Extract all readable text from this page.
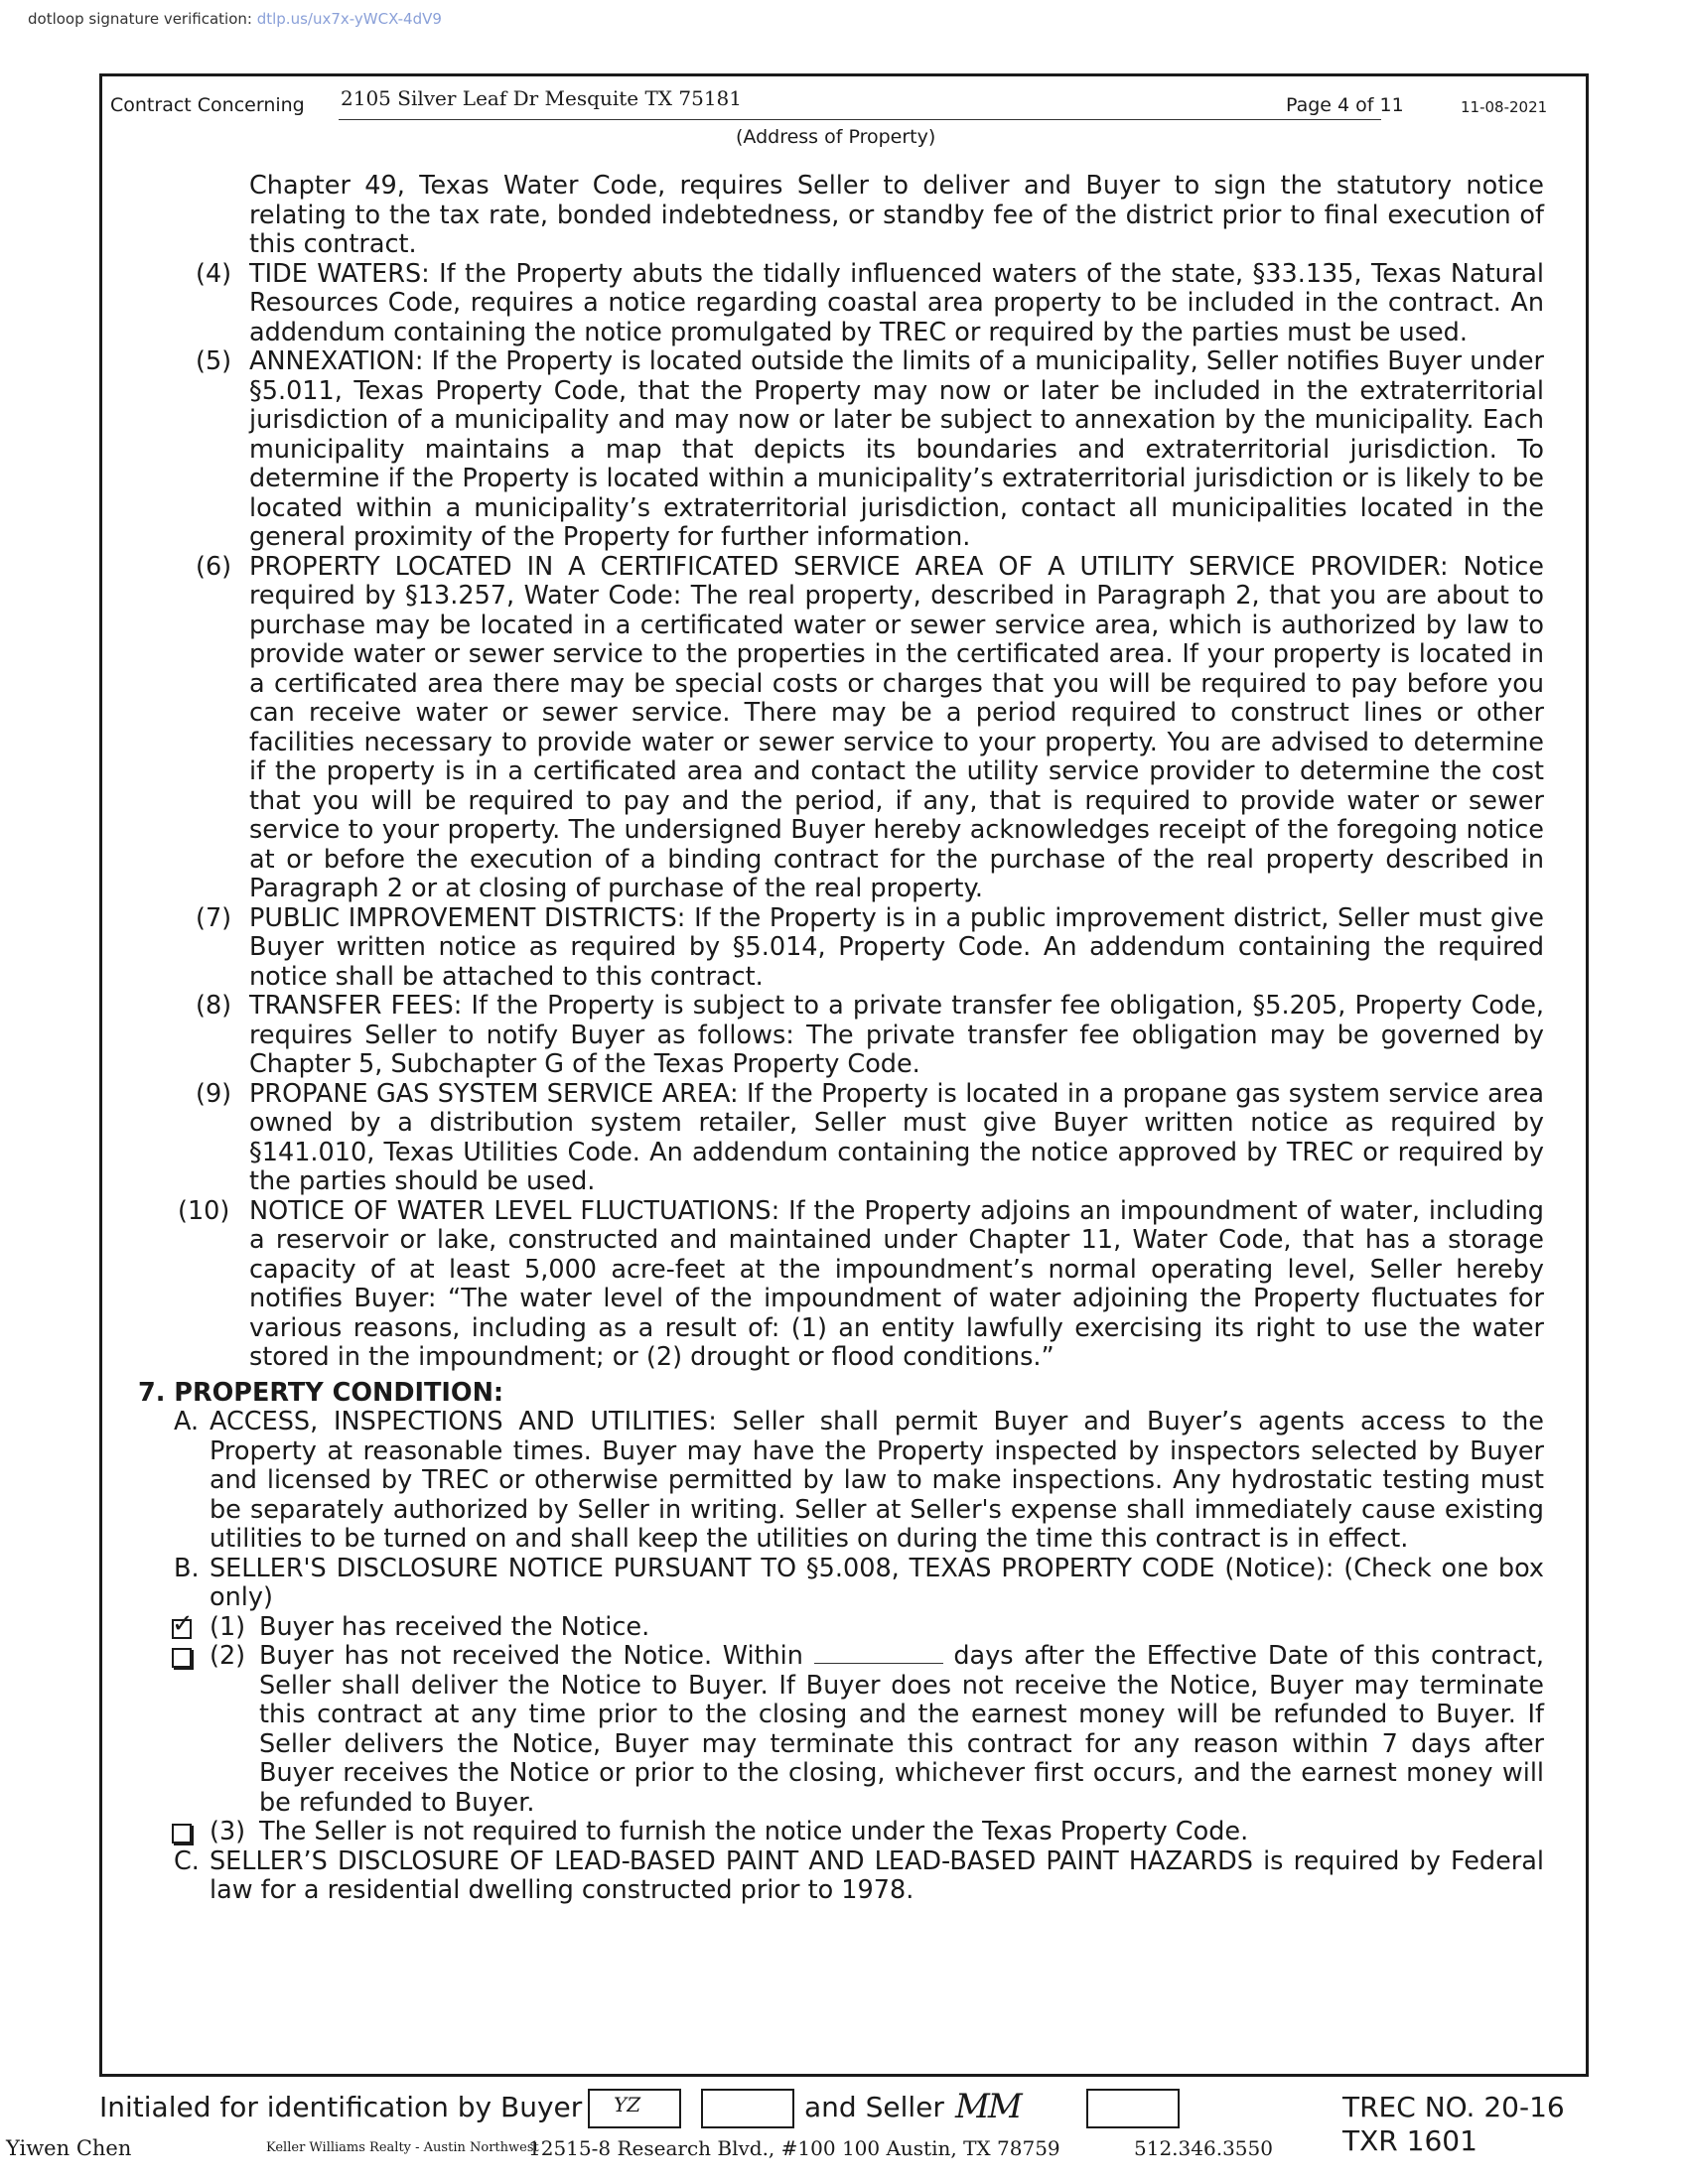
dotloop signature verification: dtlp.us/ux7x-yWCX-4dV9
Contract Concerning 2105 Silver Leaf Dr Mesquite TX 75181	Page 4 of 11	11-08-2021
(Address of Property)
Chapter 49, Texas Water Code, requires Seller to deliver and Buyer to sign the statutory notice relating to the tax rate, bonded indebtedness, or standby fee of the district prior to final execution of this contract.
(4) TIDE WATERS: If the Property abuts the tidally influenced waters of the state, §33.135, Texas Natural Resources Code, requires a notice regarding coastal area property to be included in the contract. An addendum containing the notice promulgated by TREC or required by the parties must be used.
(5) ANNEXATION: If the Property is located outside the limits of a municipality, Seller notifies Buyer under §5.011, Texas Property Code, that the Property may now or later be included in the extraterritorial jurisdiction of a municipality and may now or later be subject to annexation by the municipality. Each municipality maintains a map that depicts its boundaries and extraterritorial jurisdiction. To determine if the Property is located within a municipality’s extraterritorial jurisdiction or is likely to be located within a municipality’s extraterritorial jurisdiction, contact all municipalities located in the general proximity of the Property for further information.
(6) PROPERTY LOCATED IN A CERTIFICATED SERVICE AREA OF A UTILITY SERVICE PROVIDER: Notice required by §13.257, Water Code: The real property, described in Paragraph 2, that you are about to purchase may be located in a certificated water or sewer service area, which is authorized by law to provide water or sewer service to the properties in the certificated area. If your property is located in a certificated area there may be special costs or charges that you will be required to pay before you can receive water or sewer service. There may be a period required to construct lines or other facilities necessary to provide water or sewer service to your property. You are advised to determine if the property is in a certificated area and contact the utility service provider to determine the cost that you will be required to pay and the period, if any, that is required to provide water or sewer service to your property. The undersigned Buyer hereby acknowledges receipt of the foregoing notice at or before the execution of a binding contract for the purchase of the real property described in Paragraph 2 or at closing of purchase of the real property.
(7) PUBLIC IMPROVEMENT DISTRICTS: If the Property is in a public improvement district, Seller must give Buyer written notice as required by §5.014, Property Code. An addendum containing the required notice shall be attached to this contract.
(8) TRANSFER FEES: If the Property is subject to a private transfer fee obligation, §5.205, Property Code, requires Seller to notify Buyer as follows: The private transfer fee obligation may be governed by Chapter 5, Subchapter G of the Texas Property Code.
(9) PROPANE GAS SYSTEM SERVICE AREA: If the Property is located in a propane gas system service area owned by a distribution system retailer, Seller must give Buyer written notice as required by §141.010, Texas Utilities Code. An addendum containing the notice approved by TREC or required by the parties should be used.
(10) NOTICE OF WATER LEVEL FLUCTUATIONS: If the Property adjoins an impoundment of water, including a reservoir or lake, constructed and maintained under Chapter 11, Water Code, that has a storage capacity of at least 5,000 acre-feet at the impoundment’s normal operating level, Seller hereby notifies Buyer: “The water level of the impoundment of water adjoining the Property fluctuates for various reasons, including as a result of: (1) an entity lawfully exercising its right to use the water stored in the impoundment; or (2) drought or flood conditions.”
7. PROPERTY CONDITION:
A. ACCESS, INSPECTIONS AND UTILITIES: Seller shall permit Buyer and Buyer’s agents access to the Property at reasonable times. Buyer may have the Property inspected by inspectors selected by Buyer and licensed by TREC or otherwise permitted by law to make inspections. Any hydrostatic testing must be separately authorized by Seller in writing. Seller at Seller's expense shall immediately cause existing utilities to be turned on and shall keep the utilities on during the time this contract is in effect.
B. SELLER'S DISCLOSURE NOTICE PURSUANT TO §5.008, TEXAS PROPERTY CODE (Notice): (Check one box only)
✓ (1) Buyer has received the Notice.
(2) Buyer has not received the Notice. Within	days after the Effective Date of this contract, Seller shall deliver the Notice to Buyer. If Buyer does not receive the Notice, Buyer may terminate this contract at any time prior to the closing and the earnest money will be refunded to Buyer. If Seller delivers the Notice, Buyer may terminate this contract for any reason within 7 days after Buyer receives the Notice or prior to the closing, whichever first occurs, and the earnest money will be refunded to Buyer.
(3) The Seller is not required to furnish the notice under the Texas Property Code.
C. SELLER’S DISCLOSURE OF LEAD-BASED PAINT AND LEAD-BASED PAINT HAZARDS is required by Federal law for a residential dwelling constructed prior to 1978.
Initialed for identification by Buyer YZ	and Seller MM	TREC NO. 20-16
TXR 1601
Yiwen Chen	Keller Williams Realty - Austin Northwest
12515-8 Research Blvd., #100 100 Austin, TX 78759	512.346.3550
